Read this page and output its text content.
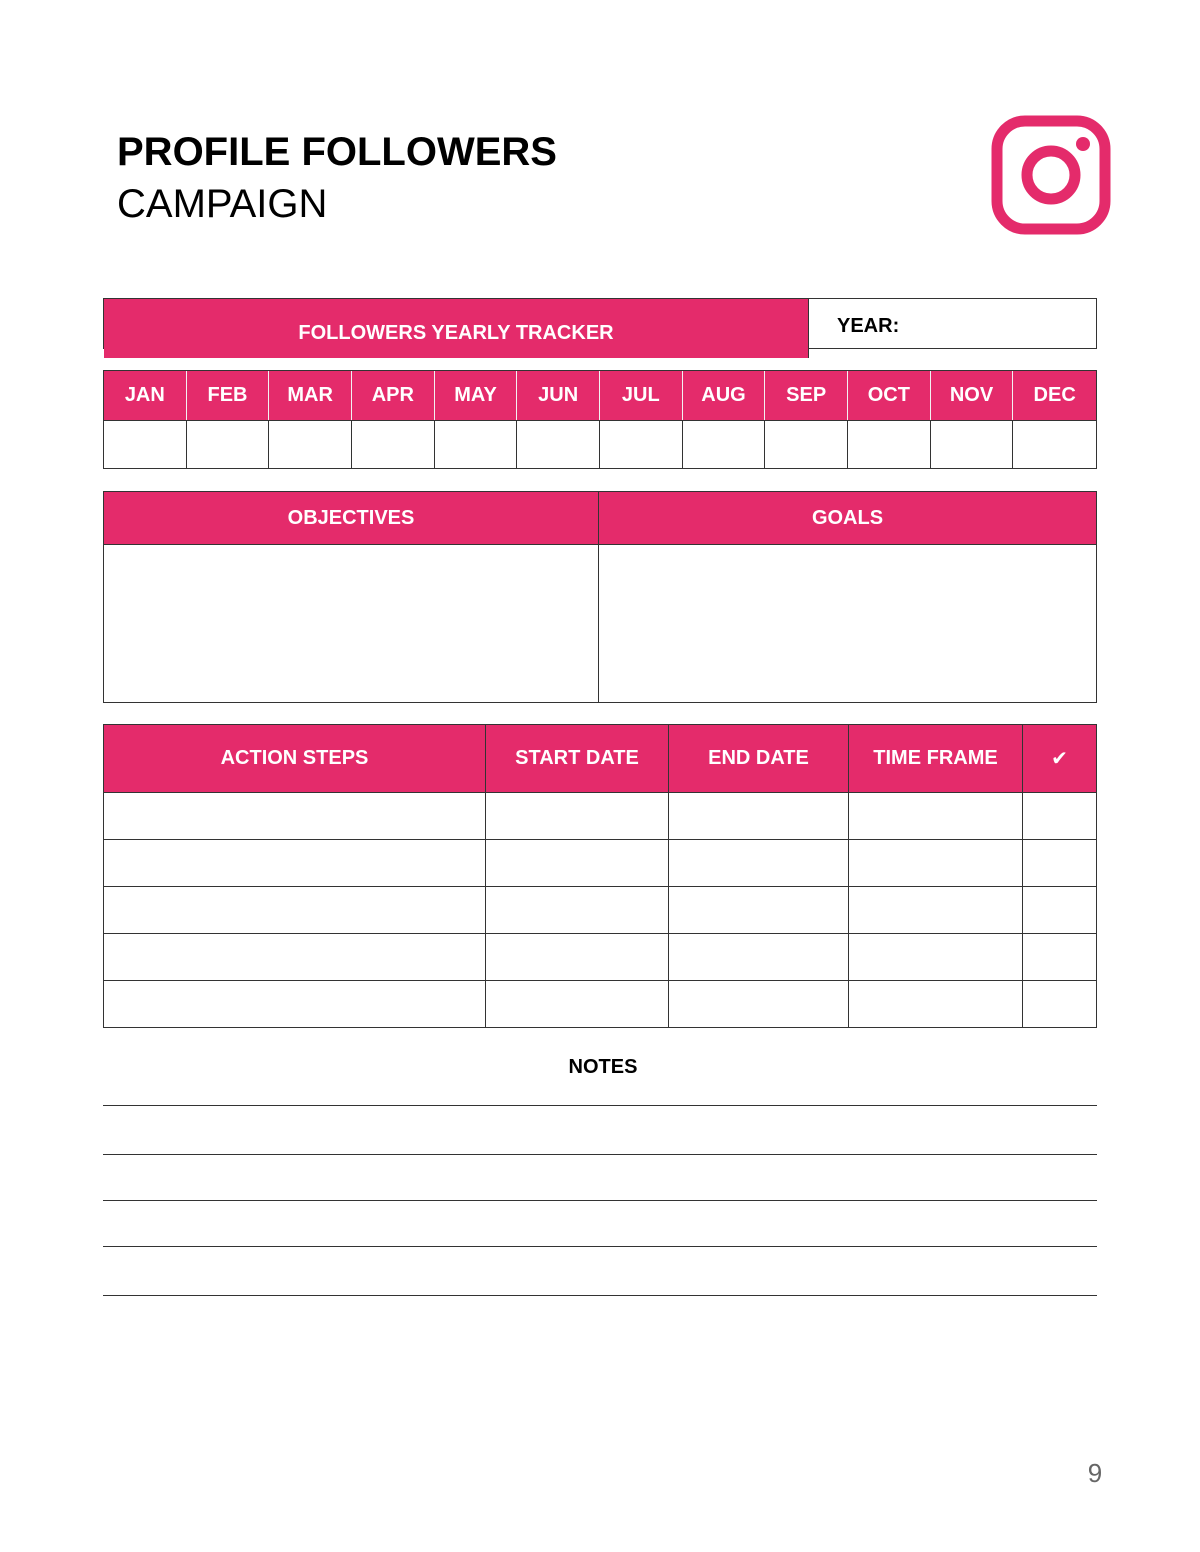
PROFILE FOLLOWERS
CAMPAIGN
FOLLOWERS YEARLY TRACKER	YEAR:
JAN	FEB	MAR	APR	MAY	JUN	JUL	AUG	SEP	OCT	NOV	DEC
OBJECTIVES	GOALS
ACTION STEPS	START DATE	END DATE	TIME FRAME	✔
NOTES
9
